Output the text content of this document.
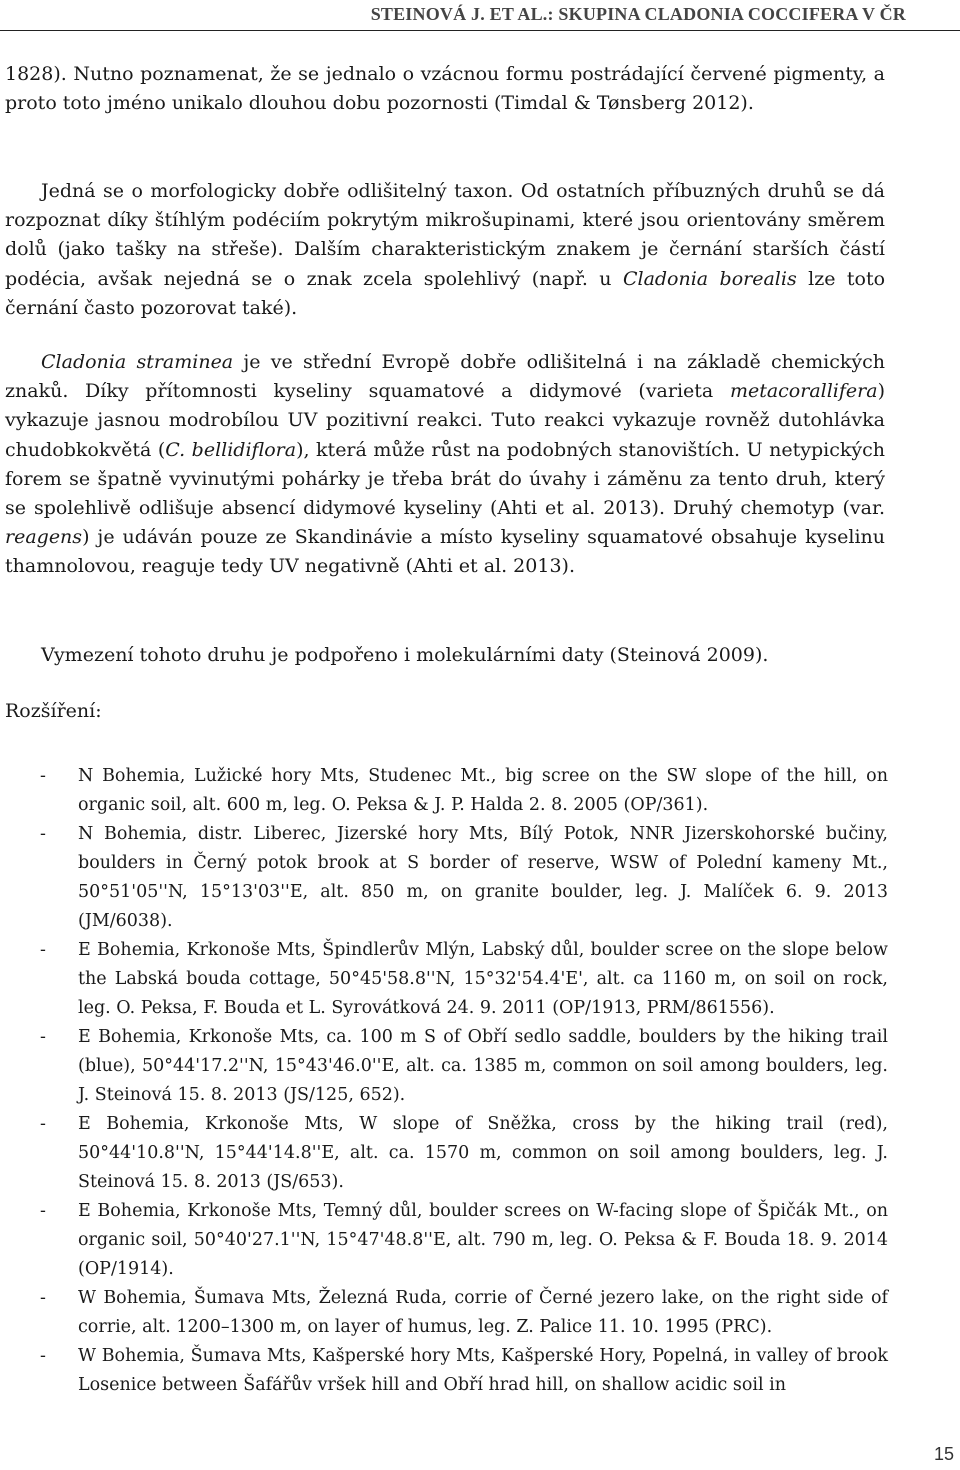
STEINOVÁ J. ET AL.: SKUPINA CLADONIA COCCIFERA V ČR

1828). Nutno poznamenat, že se jednalo o vzácnou formu postrádající červené pigmenty, a proto toto jméno unikalo dlouhou dobu pozornosti (Timdal & Tønsberg 2012).

Jedná se o morfologicky dobře odlišitelný taxon. Od ostatních příbuzných druhů se dá rozpoznat díky štíhlým podéciím pokrytým mikrošupinami, které jsou orientovány směrem dolů (jako tašky na střeše). Dalším charakteristickým znakem je černání starších částí podécia, avšak nejedná se o znak zcela spolehlivý (např. u Cladonia borealis lze toto černání často pozorovat také).

Cladonia straminea je ve střední Evropě dobře odlišitelná i na základě chemických znaků. Díky přítomnosti kyseliny squamatové a didymové (varieta metacorallifera) vykazuje jasnou modrobílou UV pozitivní reakci. Tuto reakci vykazuje rovněž dutohlávka chudobkokvětá (C. bellidiflora), která může růst na podobných stanovištích. U netypických forem se špatně vyvinutými pohárky je třeba brát do úvahy i záměnu za tento druh, který se spolehlivě odlišuje absencí didymové kyseliny (Ahti et al. 2013). Druhý chemotyp (var. reagens) je udáván pouze ze Skandinávie a místo kyseliny squamatové obsahuje kyselinu thamnolovou, reaguje tedy UV negativně (Ahti et al. 2013).

Vymezení tohoto druhu je podpořeno i molekulárními daty (Steinová 2009).

Rozšíření:
- N Bohemia, Lužické hory Mts, Studenec Mt., big scree on the SW slope of the hill, on organic soil, alt. 600 m, leg. O. Peksa & J. P. Halda 2. 8. 2005 (OP/361).
- N Bohemia, distr. Liberec, Jizerské hory Mts, Bílý Potok, NNR Jizerskohorské bučiny, boulders in Černý potok brook at S border of reserve, WSW of Polední kameny Mt., 50°51'05''N, 15°13'03''E, alt. 850 m, on granite boulder, leg. J. Malíček 6. 9. 2013 (JM/6038).
- E Bohemia, Krkonoše Mts, Špindlerův Mlýn, Labský důl, boulder scree on the slope below the Labská bouda cottage, 50°45'58.8''N, 15°32'54.4'E', alt. ca 1160 m, on soil on rock, leg. O. Peksa, F. Bouda et L. Syrovátková 24. 9. 2011 (OP/1913, PRM/861556).
- E Bohemia, Krkonoše Mts, ca. 100 m S of Obří sedlo saddle, boulders by the hiking trail (blue), 50°44'17.2''N, 15°43'46.0''E, alt. ca. 1385 m, common on soil among boulders, leg. J. Steinová 15. 8. 2013 (JS/125, 652).
- E Bohemia, Krkonoše Mts, W slope of Sněžka, cross by the hiking trail (red), 50°44'10.8''N, 15°44'14.8''E, alt. ca. 1570 m, common on soil among boulders, leg. J. Steinová 15. 8. 2013 (JS/653).
- E Bohemia, Krkonoše Mts, Temný důl, boulder screes on W-facing slope of Špičák Mt., on organic soil, 50°40'27.1''N, 15°47'48.8''E, alt. 790 m, leg. O. Peksa & F. Bouda 18. 9. 2014 (OP/1914).
- W Bohemia, Šumava Mts, Železná Ruda, corrie of Černé jezero lake, on the right side of corrie, alt. 1200–1300 m, on layer of humus, leg. Z. Palice 11. 10. 1995 (PRC).
- W Bohemia, Šumava Mts, Kašperské hory Mts, Kašperské Hory, Popelná, in valley of brook Losenice between Šafářův vršek hill and Obří hrad hill, on shallow acidic soil in
15
